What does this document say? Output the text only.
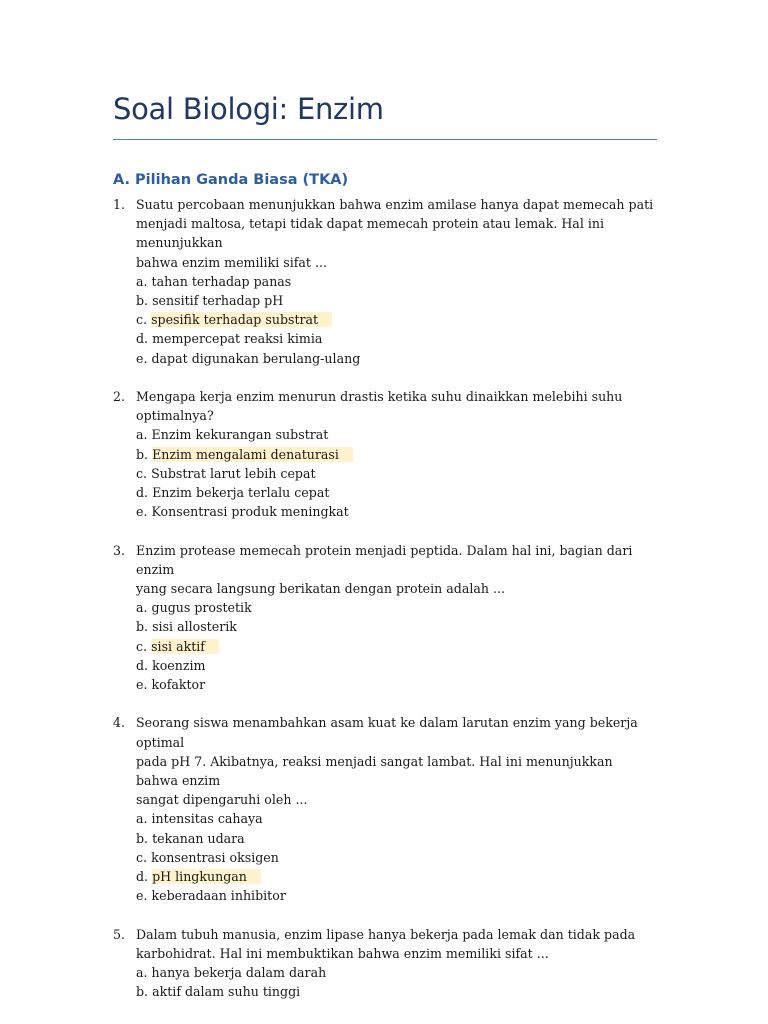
Soal Biologi: Enzim
A. Pilihan Ganda Biasa (TKA)
1. Suatu percobaan menunjukkan bahwa enzim amilase hanya dapat memecah pati
menjadi maltosa, tetapi tidak dapat memecah protein atau lemak. Hal ini menunjukkan
bahwa enzim memiliki sifat ...
a. tahan terhadap panas
b. sensitif terhadap pH
c. spesifik terhadap substrat
d. mempercepat reaksi kimia
e. dapat digunakan berulang-ulang
2. Mengapa kerja enzim menurun drastis ketika suhu dinaikkan melebihi suhu
optimalnya?
a. Enzim kekurangan substrat
b. Enzim mengalami denaturasi
c. Substrat larut lebih cepat
d. Enzim bekerja terlalu cepat
e. Konsentrasi produk meningkat
3. Enzim protease memecah protein menjadi peptida. Dalam hal ini, bagian dari enzim
yang secara langsung berikatan dengan protein adalah ...
a. gugus prostetik
b. sisi allosterik
c. sisi aktif
d. koenzim
e. kofaktor
4. Seorang siswa menambahkan asam kuat ke dalam larutan enzim yang bekerja optimal
pada pH 7. Akibatnya, reaksi menjadi sangat lambat. Hal ini menunjukkan bahwa enzim
sangat dipengaruhi oleh ...
a. intensitas cahaya
b. tekanan udara
c. konsentrasi oksigen
d. pH lingkungan
e. keberadaan inhibitor
5. Dalam tubuh manusia, enzim lipase hanya bekerja pada lemak dan tidak pada
karbohidrat. Hal ini membuktikan bahwa enzim memiliki sifat ...
a. hanya bekerja dalam darah
b. aktif dalam suhu tinggi
